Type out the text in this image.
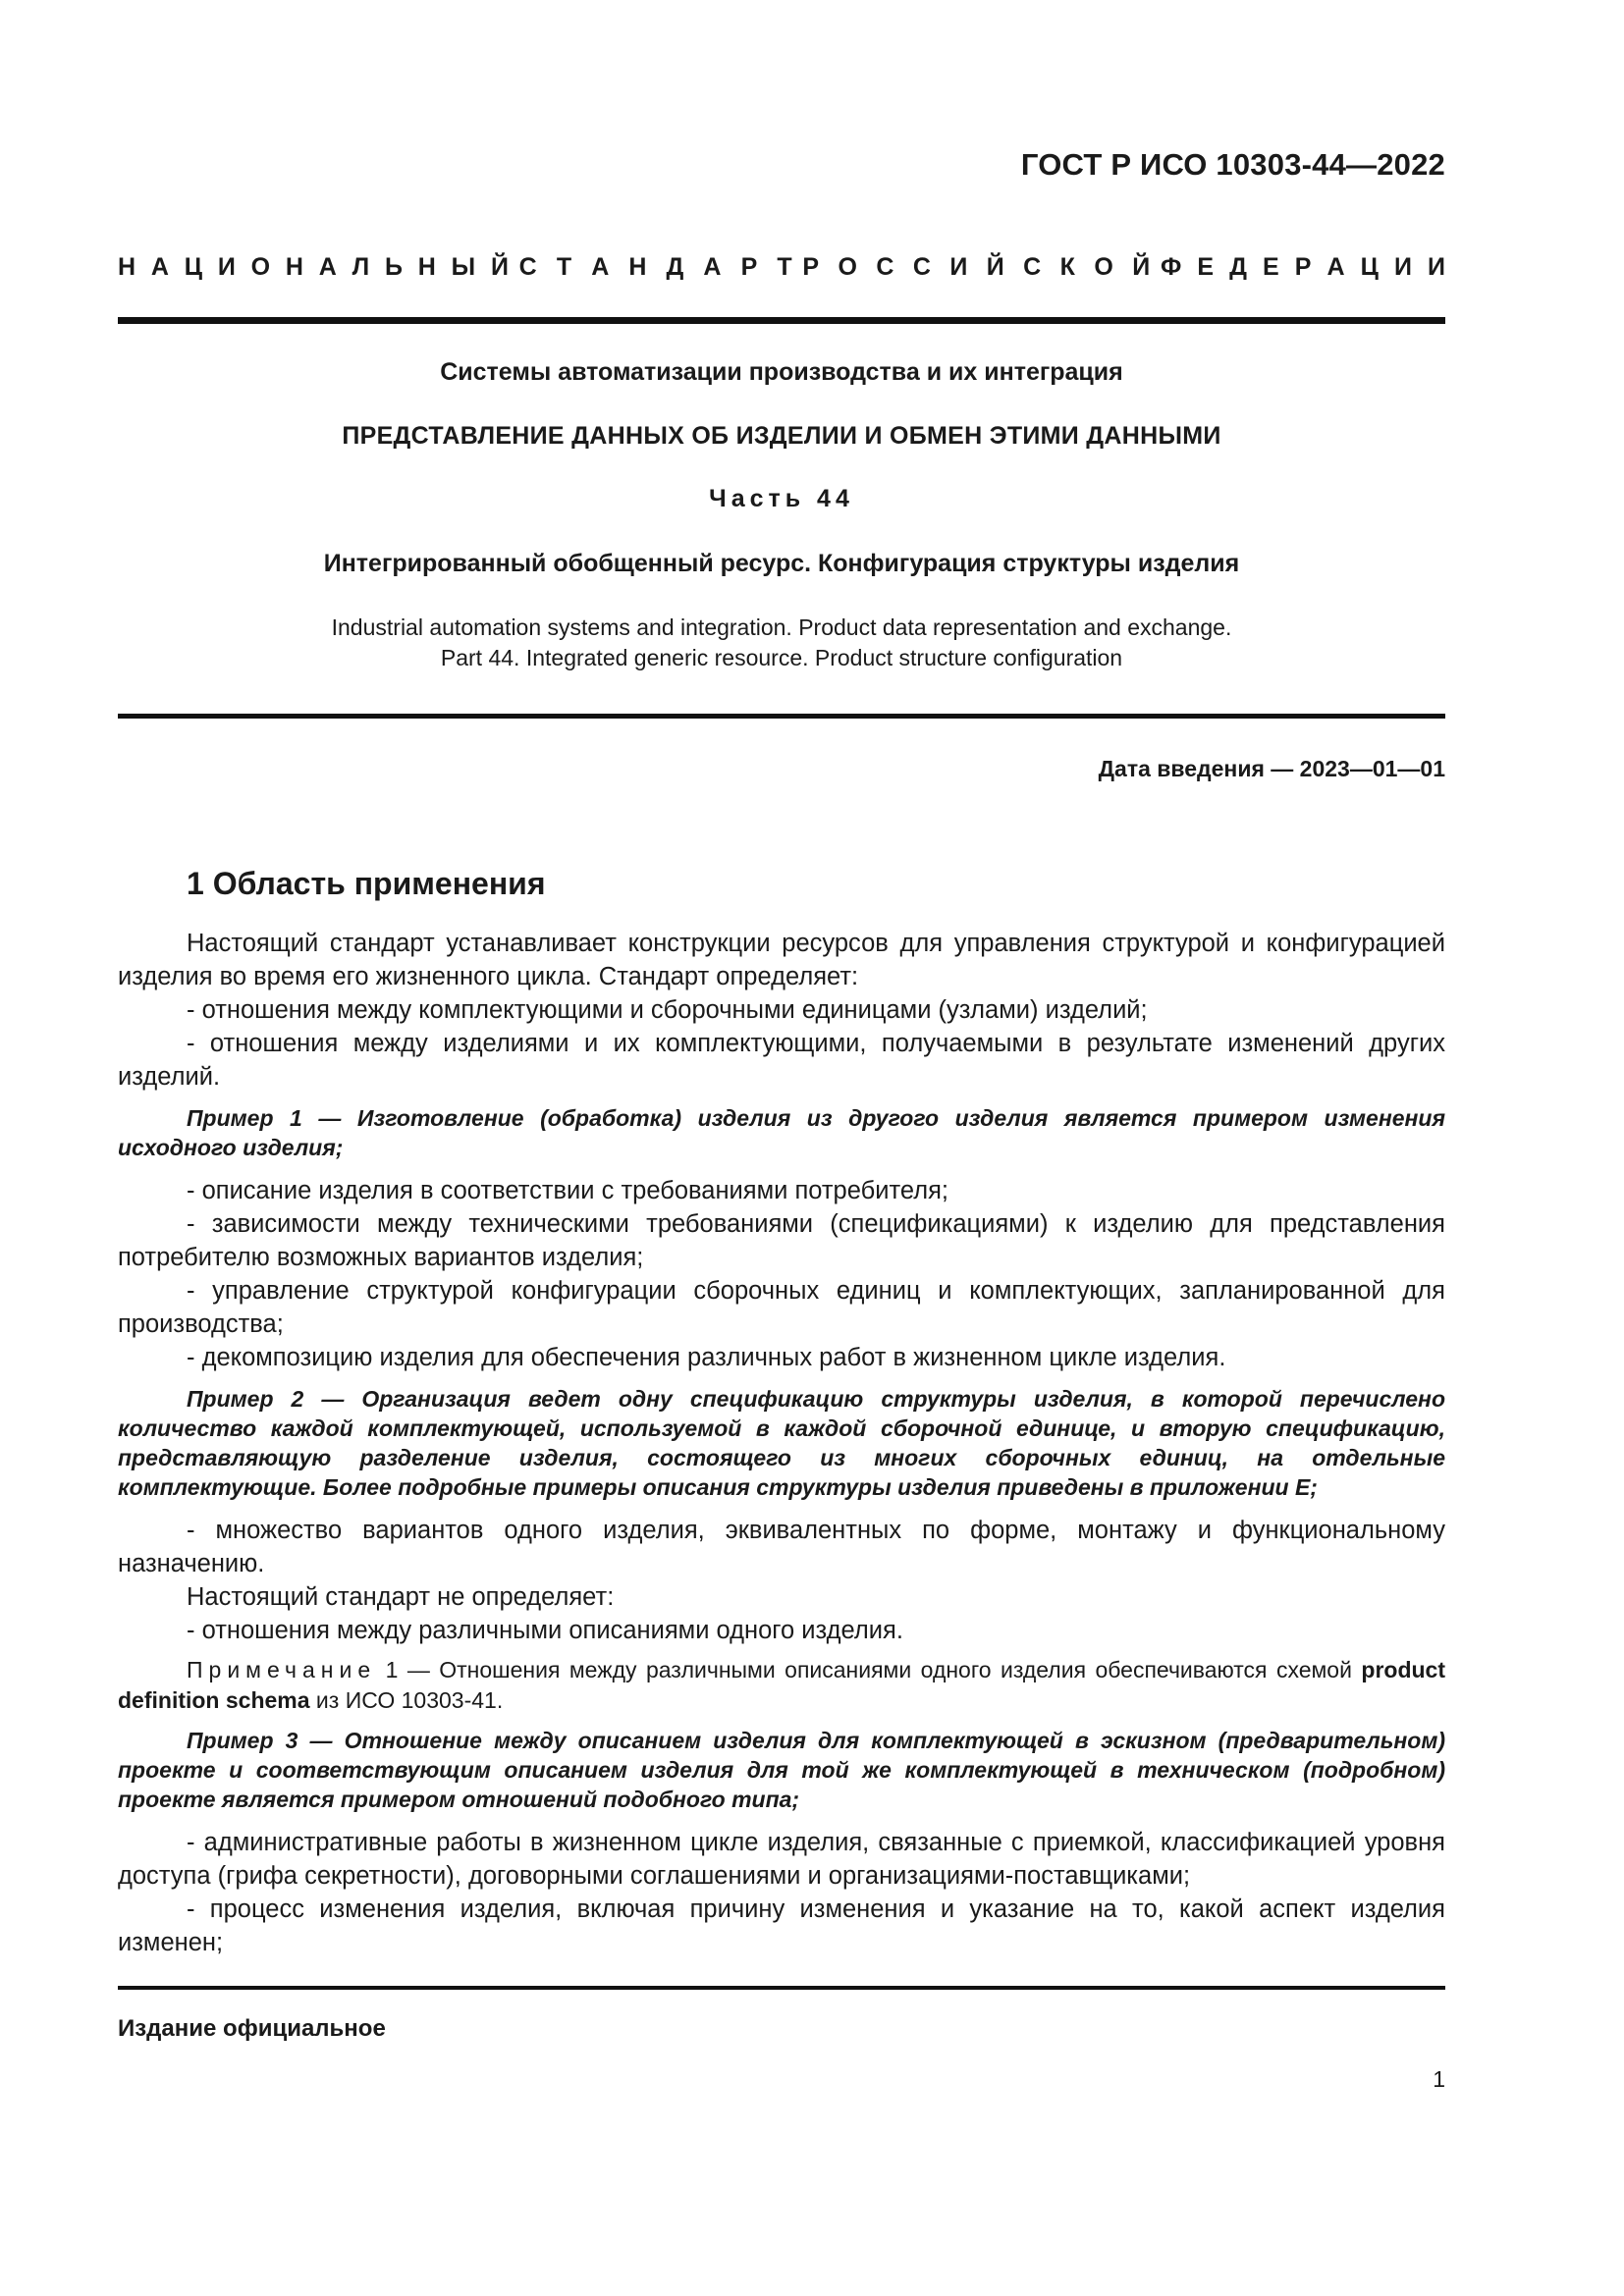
ГОСТ Р ИСО 10303-44—2022
Н А Ц И О Н А Л Ь Н Ы Й С Т А Н Д А Р Т Р О С С И Й С К О Й Ф Е Д Е Р А Ц И И
Системы автоматизации производства и их интеграция
ПРЕДСТАВЛЕНИЕ ДАННЫХ ОБ ИЗДЕЛИИ И ОБМЕН ЭТИМИ ДАННЫМИ
Часть 44
Интегрированный обобщенный ресурс. Конфигурация структуры изделия
Industrial automation systems and integration. Product data representation and exchange.
Part 44. Integrated generic resource. Product structure configuration
Дата введения — 2023—01—01
1 Область применения

Настоящий стандарт устанавливает конструкции ресурсов для управления структурой и конфигурацией изделия во время его жизненного цикла. Стандарт определяет:

- отношения между комплектующими и сборочными единицами (узлами) изделий;

- отношения между изделиями и их комплектующими, получаемыми в результате изменений других изделий.

Пример 1 — Изготовление (обработка) изделия из другого изделия является примером изменения исходного изделия;

- описание изделия в соответствии с требованиями потребителя;

- зависимости между техническими требованиями (спецификациями) к изделию для представления потребителю возможных вариантов изделия;

- управление структурой конфигурации сборочных единиц и комплектующих, запланированной для производства;

- декомпозицию изделия для обеспечения различных работ в жизненном цикле изделия.

Пример 2 — Организация ведет одну спецификацию структуры изделия, в которой перечислено количество каждой комплектующей, используемой в каждой сборочной единице, и вторую спецификацию, представляющую разделение изделия, состоящего из многих сборочных единиц, на отдельные комплектующие. Более подробные примеры описания структуры изделия приведены в приложении Е;

- множество вариантов одного изделия, эквивалентных по форме, монтажу и функциональному назначению.

Настоящий стандарт не определяет:

- отношения между различными описаниями одного изделия.

Примечание 1 — Отношения между различными описаниями одного изделия обеспечиваются схемой product definition schema из ИСО 10303-41.

Пример 3 — Отношение между описанием изделия для комплектующей в эскизном (предварительном) проекте и соответствующим описанием изделия для той же комплектующей в техническом (подробном) проекте является примером отношений подобного типа;

- административные работы в жизненном цикле изделия, связанные с приемкой, классификацией уровня доступа (грифа секретности), договорными соглашениями и организациями-поставщиками;

- процесс изменения изделия, включая причину изменения и указание на то, какой аспект изделия изменен;

Издание официальное
1
